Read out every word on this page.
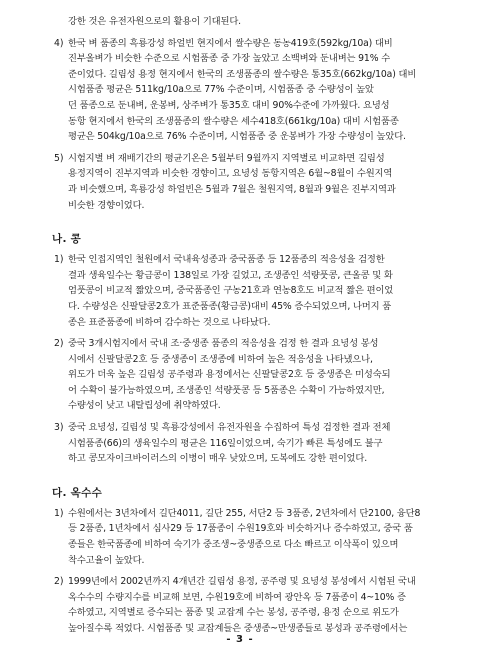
강한 것은 유전자원으로의 활용이 기대된다.
4) 한국 벼 품종의 흑룡강성 하얼빈 현지에서 쌀수량은 동농419호(592kg/10a) 대비
진부올벼가 비슷한 수준으로 시험품종 중 가장 높았고 소백벼와 둔내벼는 91% 수
준이었다. 길림성 용정 현지에서 한국의 조생품종의 쌀수량은 통35호(662kg/10a) 대비
시험품종 평균은 511kg/10a으로 77% 수준이며, 시험품종 중 수량성이 높았
던 품종으로 둔내벼, 운봉벼, 상주벼가 통35호 대비 90%수준에 가까웠다. 요녕성
동항 현지에서 한국의 조생품종의 쌀수량은 세수418호(661kg/10a) 대비 시험품종
평균은 504kg/10a으로 76% 수준이며, 시험품종 중 운봉벼가 가장 수량성이 높았다.
5) 시험지별 벼 재배기간의 평균기온은 5월부터 9월까지 지역별로 비교하면 길림성
용정지역이 진부지역과 비슷한 경향이고, 요녕성 동항지역은 6월~8월이 수원지역
과 비슷했으며, 흑룡강성 하얼빈은 5월과 7월은 철원지역, 8월과 9월은 진부지역과
비슷한 경향이었다.
나. 콩
1) 한국 인접지역인 철원에서 국내육성종과 중국품종 등 12품종의 적응성을 검정한
결과 생육일수는 황금콩이 138일로 가장 길었고, 조생종인 석량풋콩, 큰올콩 및 화
엄풋콩이 비교적 짧았으며, 중국품종인 구농21호과 연농8호도 비교적 짧은 편이었
다. 수량성은 신팔달콩2호가 표준품종(황금콩)대비 45% 증수되었으며, 나머지 품
종은 표준품종에 비하여 감수하는 것으로 나타났다.
2) 중국 3개시험지에서 국내 조·중생종 품종의 적응성을 검정 한 결과 요녕성 봉성
시에서 신팔달콩2호 등 중생종이 조생종에 비하여 높은 적응성을 나타냈으나,
위도가 더욱 높은 길림성 공주령과 용정에서는 신팔달콩2호 등 중생종은 미성숙되
어 수확이 불가능하였으며, 조생종인 석량풋콩 등 5품종은 수확이 가능하였지만,
수량성이 낮고 내탈립성에 취약하였다.
3) 중국 요녕성, 길림성 및 흑룡강성에서 유전자원을 수집하여 특성 검정한 결과 전체
시험품종(66)의 생육일수의 평균은 116일이었으며, 숙기가 빠른 특성에도 불구
하고 콩모자이크바이러스의 이병이 매우 낮았으며, 도복에도 강한 편이었다.
다. 옥수수
1) 수원에서는 3년차에서 길단4011, 길단 255, 서단2 등 3품종, 2년차에서 단2100, 융단8
등 2품종, 1년차에서 심사29 등 17품종이 수원19호와 비슷하거나 증수하였고, 중국 품
종들은 한국품종에 비하여 숙기가 중조생~중생종으로 다소 빠르고 이삭폭이 있으며
착수고율이 높았다.
2) 1999년에서 2002년까지 4개년간 길림성 용정, 공주령 및 요녕성 봉성에서 시험된 국내
옥수수의 수량지수를 비교해 보면, 수원19호에 비하여 광안옥 등 7품종이 4~10% 증
수하였고, 지역별로 증수되는 품종 및 교잡계 수는 봉성, 공주령, 용정 순으로 위도가
높아질수록 적었다. 시험품종 및 교잡계들은 중생종~만생종들로 봉성과 공주령에서는
- 3 -
